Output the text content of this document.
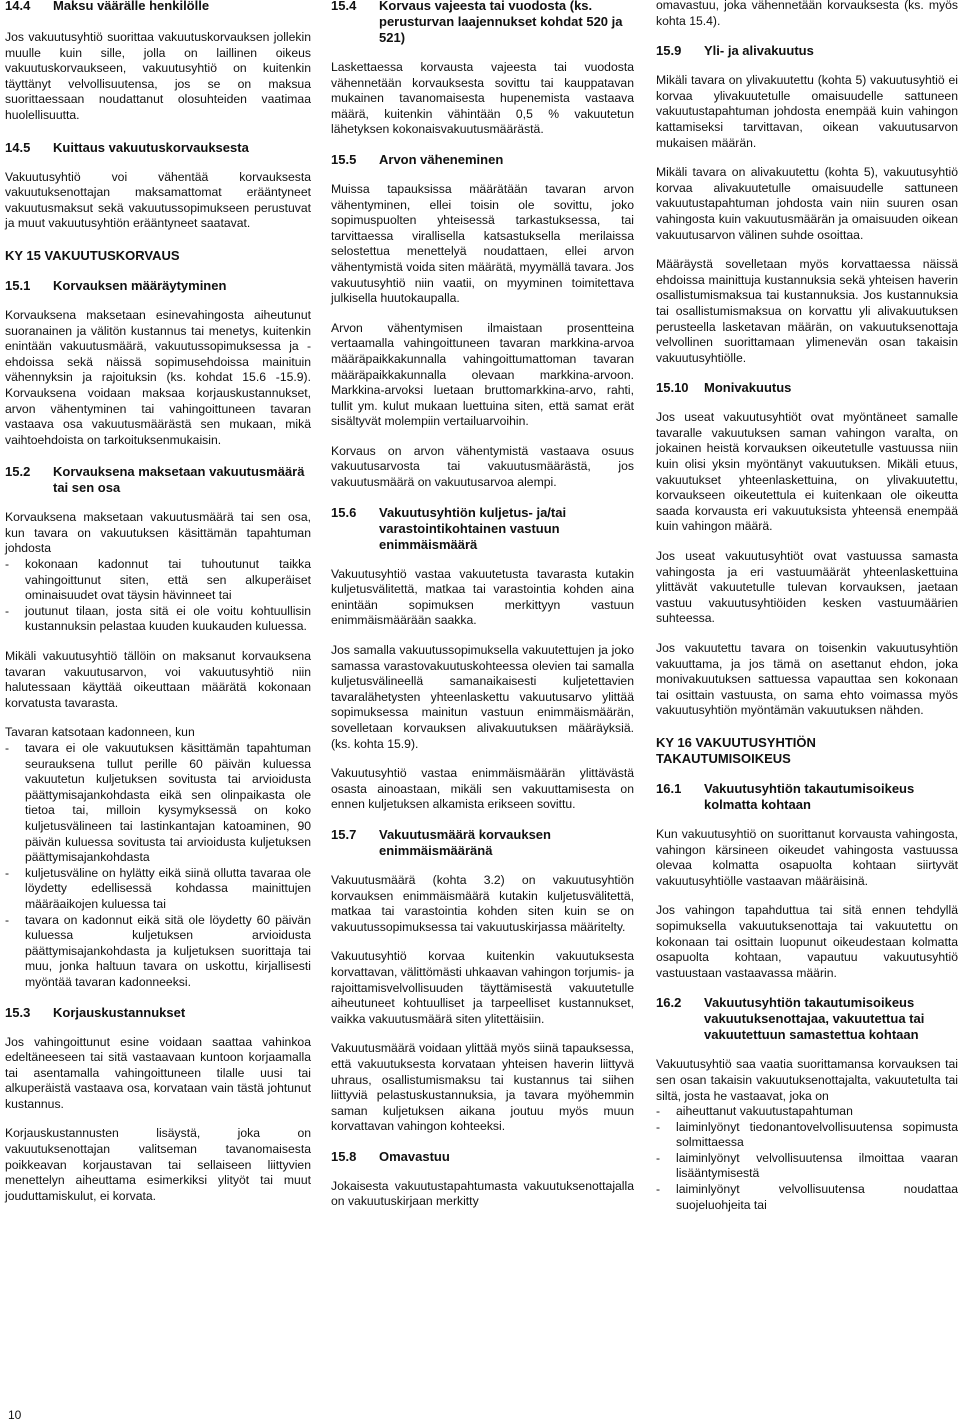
14.4	Maksu väärälle henkilölle

Jos vakuutusyhtiö suorittaa vakuutuskorvauksen jollekin muulle kuin sille, jolla on laillinen oikeus vakuutuskorvaukseen, vakuutusyhtiö on kuitenkin täyttänyt velvollisuutensa, jos se on maksua suorittaessaan noudattanut olosuhteiden vaatimaa huolellisuutta.

14.5	Kuittaus vakuutuskorvauksesta

Vakuutusyhtiö voi vähentää korvauksesta vakuutuksenottajan maksamattomat erääntyneet vakuutusmaksut sekä vakuutussopimukseen perustuvat ja muut vakuutusyhtiön erääntyneet saatavat.

KY 15 VAKUUTUSKORVAUS
15.1	Korvauksen määräytyminen

Korvauksena maksetaan esinevahingosta aiheutunut suoranainen ja välitön kustannus tai menetys, kuitenkin enintään vakuutusmäärä, vakuutussopimuksessa ja -ehdoissa sekä näissä sopimusehdoissa mainituin vähennyksin ja rajoituksin (ks. kohdat 15.6 -15.9). Korvauksena voidaan maksaa korjauskustannukset, arvon vähentyminen tai vahingoittuneen tavaran vastaava osa vakuutusmäärästä sen mukaan, mikä vaihtoehdoista on tarkoituksenmukaisin.

15.2	Korvauksena maksetaan vakuutusmäärä tai sen osa

Korvauksena maksetaan vakuutusmäärä tai sen osa, kun tavara on vakuutuksen käsittämän tapahtuman johdosta

- kokonaan kadonnut tai tuhoutunut taikka vahingoittunut siten, että sen alkuperäiset ominaisuudet ovat täysin hävinneet tai
- joutunut tilaan, josta sitä ei ole voitu kohtuullisin kustannuksin pelastaa kuuden kuukauden kuluessa.

Mikäli vakuutusyhtiö tällöin on maksanut korvauksena tavaran vakuutusarvon, voi vakuutusyhtiö niin halutessaan käyttää oikeuttaan määrätä kokonaan korvatusta tavarasta.

Tavaran katsotaan kadonneen, kun

- tavara ei ole vakuutuksen käsittämän tapahtuman seurauksena tullut perille 60 päivän kuluessa vakuutetun kuljetuksen sovitusta tai arvioidusta päättymisajankohdasta eikä sen olinpaikasta ole tietoa tai, milloin kysymyksessä on koko kuljetusvälineen tai lastinkantajan katoaminen, 90 päivän kuluessa sovitusta tai arvioidusta kuljetuksen päättymisajankohdasta
- kuljetusväline on hylätty eikä siinä ollutta tavaraa ole löydetty edellisessä kohdassa mainittujen määräaikojen kuluessa tai
- tavara on kadonnut eikä sitä ole löydetty 60 päivän kuluessa kuljetuksen arvioidusta päättymisajankohdasta ja kuljetuksen suorittaja tai muu, jonka haltuun tavara on uskottu, kirjallisesti myöntää tavaran kadonneeksi.
15.3	Korjauskustannukset

Jos vahingoittunut esine voidaan saattaa vahinkoa edeltäneeseen tai sitä vastaavaan kuntoon korjaamalla tai asentamalla vahingoittuneen tilalle uusi tai alkuperäistä vastaava osa, korvataan vain tästä johtunut kustannus.

Korjauskustannusten lisäystä, joka on vakuutuksenottajan valitseman tavanomaisesta poikkeavan korjaustavan tai sellaiseen liittyvien menettelyn aiheuttama esimerkiksi ylityöt tai muut jouduttamiskulut, ei korvata.

15.4	Korvaus vajeesta tai vuodosta (ks. perusturvan laajennukset kohdat 520 ja 521)

Laskettaessa korvausta vajeesta tai vuodosta vähennetään korvauksesta sovittu tai kauppatavan mukainen tavanomaisesta hupenemista vastaava määrä, kuitenkin vähintään 0,5 % vakuutetun lähetyksen kokonaisvakuutusmäärästä.

15.5	Arvon väheneminen

Muissa tapauksissa määrätään tavaran arvon vähentyminen, ellei toisin ole sovittu, joko sopimuspuolten yhteisessä tarkastuksessa, tai tarvittaessa virallisella katsastuksella merilaissa selostettua menettelyä noudattaen, ellei arvon vähentymistä voida siten määrätä, myymällä tavara. Jos vakuutusyhtiö niin vaatii, on myyminen toimitettava julkisella huutokaupalla.

Arvon vähentymisen ilmaistaan prosentteina vertaamalla vahingoittuneen tavaran markkina-arvoa määräpaikkakunnalla vahingoittumattoman tavaran määräpaikkakunnalla olevaan markkina-arvoon. Markkina-arvoksi luetaan bruttomarkkina-arvo, rahti, tullit ym. kulut mukaan luettuina siten, että samat erät sisältyvät molempiin vertailuarvoihin.

Korvaus on arvon vähentymistä vastaava osuus vakuutusarvosta tai vakuutusmäärästä, jos vakuutusmäärä on vakuutusarvoa alempi.

15.6	Vakuutusyhtiön kuljetus- ja/tai varastointikohtainen vastuun enimmäismäärä

Vakuutusyhtiö vastaa vakuutetusta tavarasta kutakin kuljetusvälitettä, matkaa tai varastointia kohden aina enintään sopimuksen merkittyyn vastuun enimmäismäärään saakka.

Jos samalla vakuutussopimuksella vakuutettujen ja joko samassa varastovakuutuskohteessa olevien tai samalla kuljetusvälineellä samanaikaisesti kuljetettavien tavaralähetysten yhteenlaskettu vakuutusarvo ylittää sopimuksessa mainitun vastuun enimmäismäärän, sovelletaan korvauksen alivakuutuksen määräyksiä. (ks. kohta 15.9).

Vakuutusyhtiö vastaa enimmäismäärän ylittävästä osasta ainoastaan, mikäli sen vakuuttamisesta on ennen kuljetuksen alkamista erikseen sovittu.

15.7	Vakuutusmäärä korvauksen enimmäismääränä

Vakuutusmäärä (kohta 3.2) on vakuutusyhtiön korvauksen enimmäismäärä kutakin kuljetusvälitettä, matkaa tai varastointia kohden siten kuin se on vakuutussopimuksessa tai vakuutuskirjassa määritelty.

Vakuutusyhtiö korvaa kuitenkin vakuutuksesta korvattavan, välittömästi uhkaavan vahingon torjumis- ja rajoittamisvelvollisuuden täyttämisestä vakuutetulle aiheutuneet kohtuulliset ja tarpeelliset kustannukset, vaikka vakuutusmäärä siten ylitettäisiin.

Vakuutusmäärä voidaan ylittää myös siinä tapauksessa, että vakuutuksesta korvataan yhteisen haverin liittyvä uhraus, osallistumismaksu tai kustannus tai siihen liittyviä pelastuskustannuksia, ja tavara myöhemmin saman kuljetuksen aikana joutuu myös muun korvattavan vahingon kohteeksi.

15.8	Omavastuu

Jokaisesta vakuutustapahtumasta vakuutuksenottajalla on vakuutuskirjaan merkitty

omavastuu, joka vähennetään korvauksesta (ks. myös kohta 15.4).

15.9	Yli- ja alivakuutus

Mikäli tavara on ylivakuutettu (kohta 5) vakuutusyhtiö ei korvaa ylivakuutetulle omaisuudelle sattuneen vakuutustapahtuman johdosta enempää kuin vahingon kattamiseksi tarvittavan, oikean vakuutusarvon mukaisen määrän.

Mikäli tavara on alivakuutettu (kohta 5), vakuutusyhtiö korvaa alivakuutetulle omaisuudelle sattuneen vakuutustapahtuman johdosta vain niin suuren osan vahingosta kuin vakuutusmäärän ja omaisuuden oikean vakuutusarvon välinen suhde osoittaa.

Määräystä sovelletaan myös korvattaessa näissä ehdoissa mainittuja kustannuksia sekä yhteisen haverin osallistumismaksua tai kustannuksia. Jos kustannuksia tai osallistumismaksua on korvattu yli alivakuutuksen perusteella lasketavan määrän, on vakuutuksenottaja velvollinen suorittamaan ylimenevän osan takaisin vakuutusyhtiölle.

15.10	Monivakuutus

Jos useat vakuutusyhtiöt ovat myöntäneet samalle tavaralle vakuutuksen saman vahingon varalta, on jokainen heistä korvauksen oikeutetulle vastuussa niin kuin olisi yksin myöntänyt vakuutuksen. Mikäli etuus, vakuutukset yhteenlaskettuina, on ylivakuutettu, korvaukseen oikeutettula ei kuitenkaan ole oikeutta saada korvausta eri vakuutuksista yhteensä enempää kuin vahingon määrä.

Jos useat vakuutusyhtiöt ovat vastuussa samasta vahingosta ja eri vastuumäärät yhteenlaskettuina ylittävät vakuutetulle tulevan korvauksen, jaetaan vastuu vakuutusyhtiöiden kesken vastuumäärien suhteessa.

Jos vakuutettu tavara on toisenkin vakuutusyhtiön vakuuttama, ja jos tämä on asettanut ehdon, joka monivakuutuksen sattuessa vapauttaa sen kokonaan tai osittain vastuusta, on sama ehto voimassa myös vakuutusyhtiön myöntämän vakuutuksen nähden.

KY 16 VAKUUTUSYHTIÖN TAKAUTUMISOIKEUS
16.1	Vakuutusyhtiön takautumisoikeus kolmatta kohtaan

Kun vakuutusyhtiö on suorittanut korvausta vahingosta, vahingon kärsineen oikeudet vahingosta vastuussa olevaa kolmatta osapuolta kohtaan siirtyvät vakuutusyhtiölle vastaavan määräisinä.

Jos vahingon tapahduttua tai sitä ennen tehdyllä sopimuksella vakuutuksenottaja tai vakuutettu on kokonaan tai osittain luopunut oikeudestaan kolmatta osapuolta kohtaan, vapautuu vakuutusyhtiö vastuustaan vastaavassa määrin.

16.2	Vakuutusyhtiön takautumisoikeus vakuutuksenottajaa, vakuutettua tai vakuutettuun samastettua kohtaan

Vakuutusyhtiö saa vaatia suorittamansa korvauksen tai sen osan takaisin vakuutuksenottajalta, vakuutetulta tai siltä, josta he vastaavat, joka on

- aiheuttanut vakuutustapahtuman
- laiminlyönyt tiedonantovelvollisuutensa sopimusta solmittaessa
- laiminlyönyt velvollisuutensa ilmoittaa vaaran lisääntymisestä
- laiminlyönyt velvollisuutensa noudattaa suojeluohjeita tai
10
